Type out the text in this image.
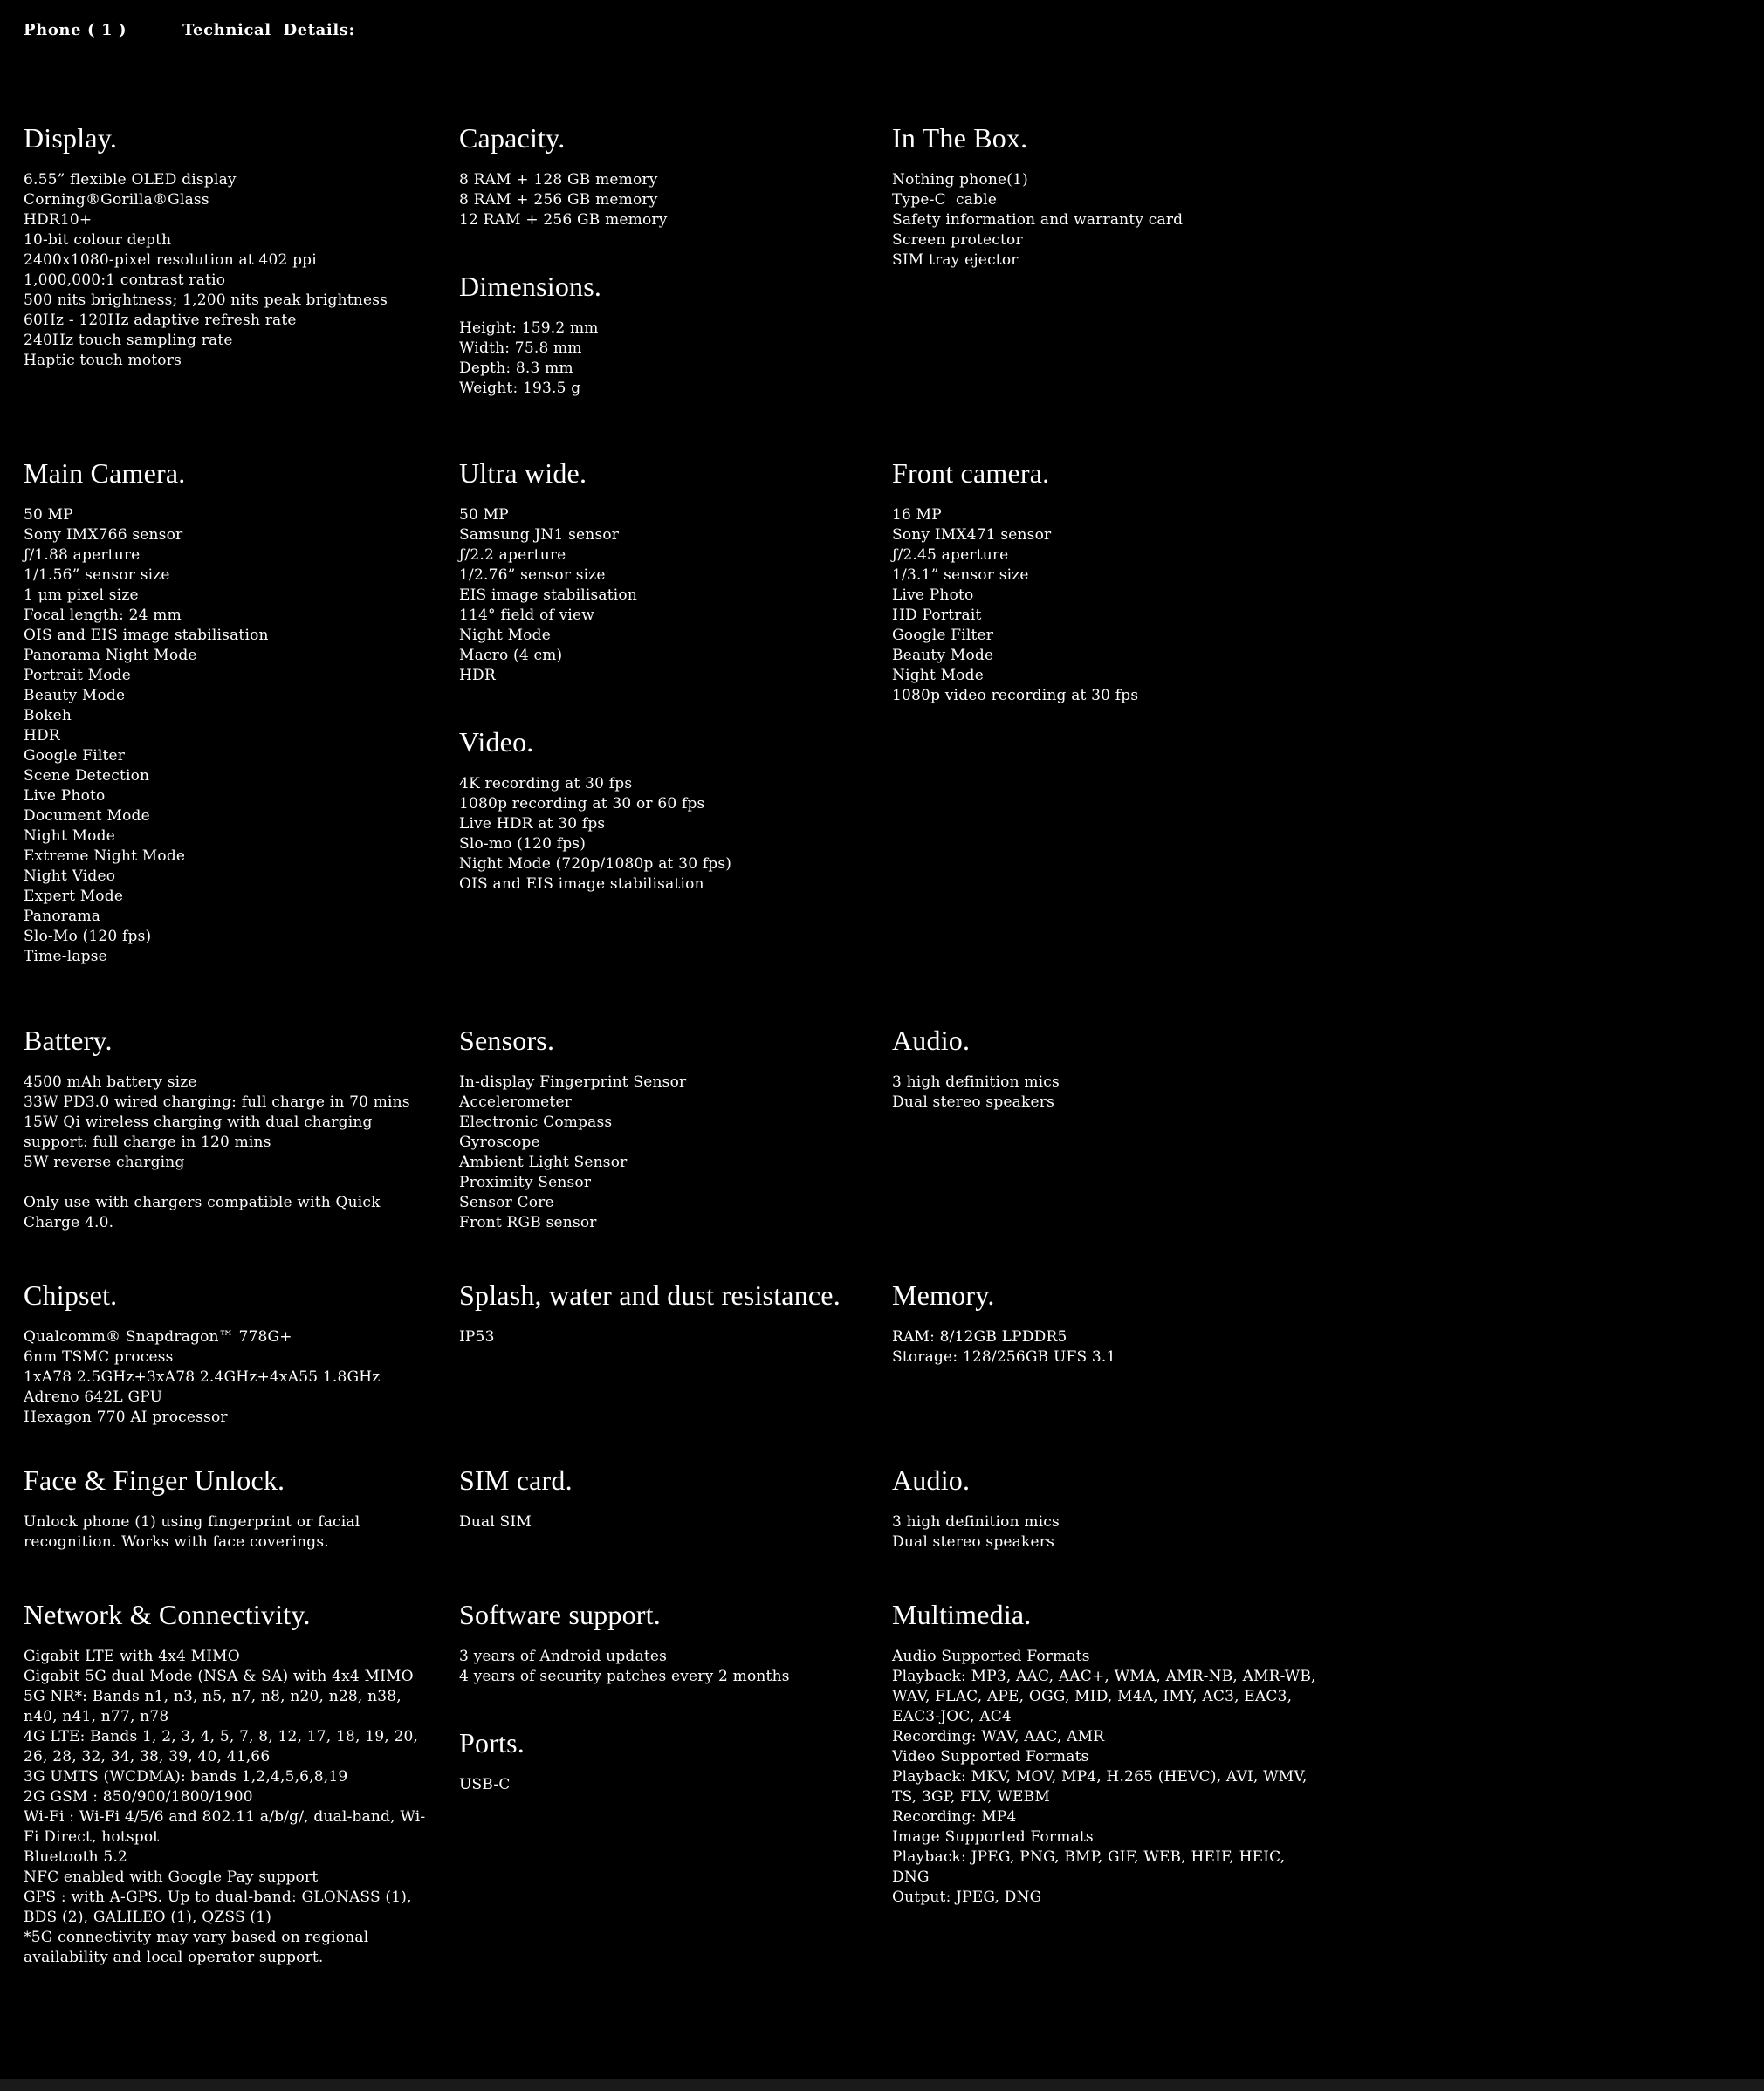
Phone ( 1 )	Technical  Details:
Display.
6.55” flexible OLED display
Corning®Gorilla®Glass
HDR10+
10-bit colour depth
2400x1080-pixel resolution at 402 ppi
1,000,000:1 contrast ratio
500 nits brightness; 1,200 nits peak brightness
60Hz - 120Hz adaptive refresh rate
240Hz touch sampling rate
Haptic touch motors
Capacity.
8 RAM + 128 GB memory
8 RAM + 256 GB memory
12 RAM + 256 GB memory
Dimensions.
Height: 159.2 mm
Width: 75.8 mm
Depth: 8.3 mm
Weight: 193.5 g
In The Box.
Nothing phone(1)
Type-C  cable
Safety information and warranty card
Screen protector
SIM tray ejector
Main Camera.
50 MP
Sony IMX766 sensor
ƒ/1.88 aperture
1/1.56” sensor size
1 μm pixel size
Focal length: 24 mm
OIS and EIS image stabilisation
Panorama Night Mode
Portrait Mode
Beauty Mode
Bokeh
HDR
Google Filter
Scene Detection
Live Photo
Document Mode
Night Mode
Extreme Night Mode
Night Video
Expert Mode
Panorama
Slo-Mo (120 fps)
Time-lapse
Ultra wide.
50 MP
Samsung JN1 sensor
ƒ/2.2 aperture
1/2.76” sensor size
EIS image stabilisation
114° field of view
Night Mode
Macro (4 cm)
HDR
Video.
4K recording at 30 fps
1080p recording at 30 or 60 fps
Live HDR at 30 fps
Slo-mo (120 fps)
Night Mode (720p/1080p at 30 fps)
OIS and EIS image stabilisation
Front camera.
16 MP
Sony IMX471 sensor
ƒ/2.45 aperture
1/3.1” sensor size
Live Photo
HD Portrait
Google Filter
Beauty Mode
Night Mode
1080p video recording at 30 fps
Battery.
4500 mAh battery size
33W PD3.0 wired charging: full charge in 70 mins
15W Qi wireless charging with dual charging support: full charge in 120 mins
5W reverse charging

Only use with chargers compatible with Quick Charge 4.0.

Sensors.
In-display Fingerprint Sensor
Accelerometer
Electronic Compass
Gyroscope
Ambient Light Sensor
Proximity Sensor
Sensor Core
Front RGB sensor
Audio.
3 high definition mics
Dual stereo speakers
Chipset.
Qualcomm® Snapdragon™ 778G+
6nm TSMC process
1xA78 2.5GHz+3xA78 2.4GHz+4xA55 1.8GHz
Adreno 642L GPU
Hexagon 770 AI processor
Splash, water and dust resistance.
IP53
Memory.
RAM: 8/12GB LPDDR5
Storage: 128/256GB UFS 3.1
Face & Finger Unlock.
Unlock phone (1) using fingerprint or facial recognition. Works with face coverings.
SIM card.
Dual SIM
Audio.
3 high definition mics
Dual stereo speakers
Network & Connectivity.
Gigabit LTE with 4x4 MIMO
Gigabit 5G dual Mode (NSA & SA) with 4x4 MIMO
5G NR*: Bands n1, n3, n5, n7, n8, n20, n28, n38, n40, n41, n77, n78
4G LTE: Bands 1, 2, 3, 4, 5, 7, 8, 12, 17, 18, 19, 20, 26, 28, 32, 34, 38, 39, 40, 41,66
3G UMTS (WCDMA): bands 1,2,4,5,6,8,19
2G GSM : 850/900/1800/1900
Wi-Fi : Wi-Fi 4/5/6 and 802.11 a/b/g/, dual-band, Wi-Fi Direct, hotspot
Bluetooth 5.2
NFC enabled with Google Pay support
GPS : with A-GPS. Up to dual-band: GLONASS (1), BDS (2), GALILEO (1), QZSS (1)
*5G connectivity may vary based on regional availability and local operator support.
Software support.
3 years of Android updates
4 years of security patches every 2 months
Ports.
USB-C
Multimedia.
Audio Supported Formats
Playback: MP3, AAC, AAC+, WMA, AMR-NB, AMR-WB, WAV, FLAC, APE, OGG, MID, M4A, IMY, AC3, EAC3, EAC3-JOC, AC4
Recording: WAV, AAC, AMR
Video Supported Formats
Playback: MKV, MOV, MP4, H.265 (HEVC), AVI, WMV, TS, 3GP, FLV, WEBM
Recording: MP4
Image Supported Formats
Playback: JPEG, PNG, BMP, GIF, WEB, HEIF, HEIC, DNG
Output: JPEG, DNG
